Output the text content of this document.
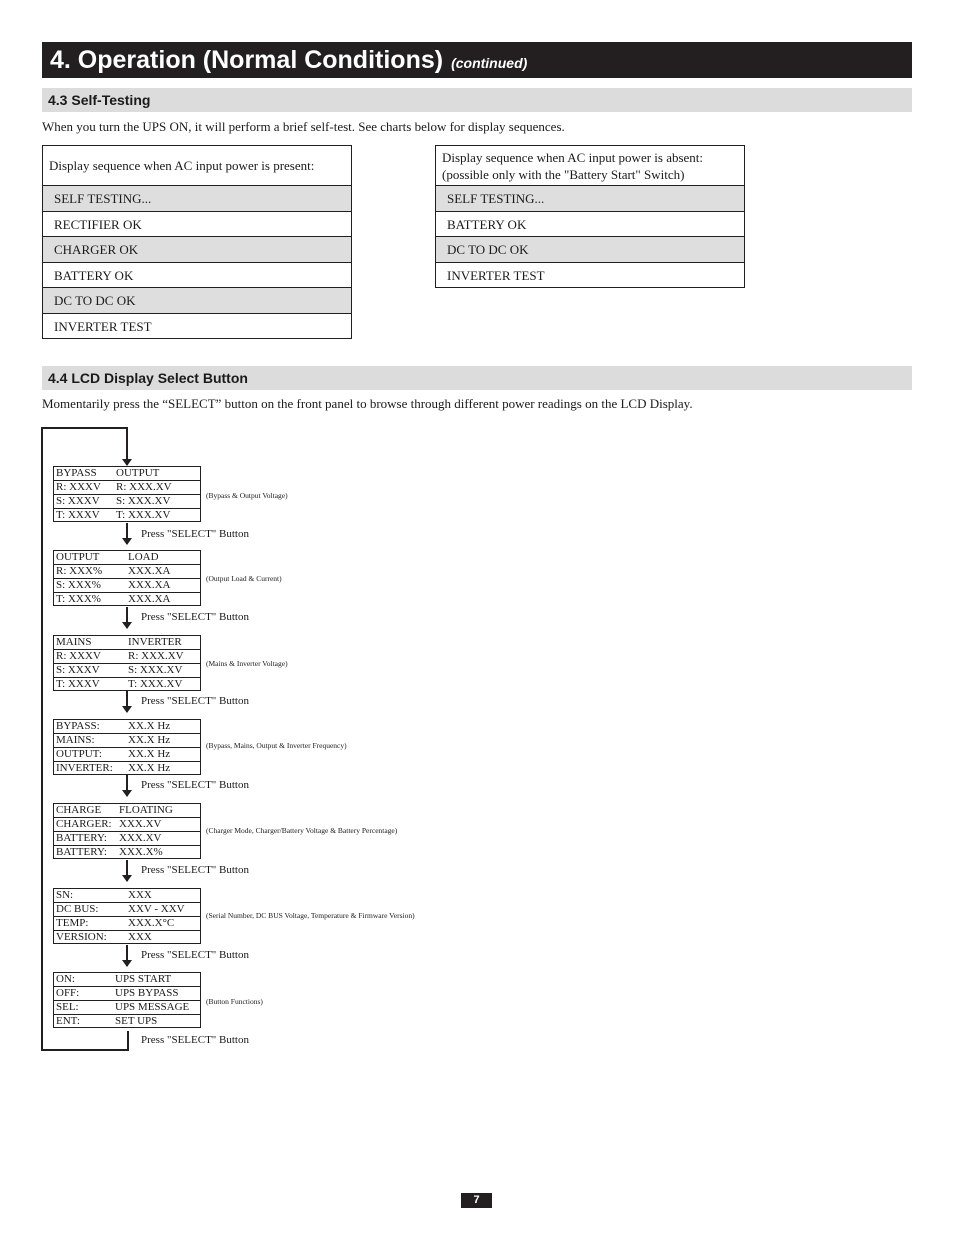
4. Operation (Normal Conditions) (continued)
4.3 Self-Testing
When you turn the UPS ON, it will perform a brief self-test. See charts below for display sequences.
Display sequence when AC input power is present:
SELF TESTING...
RECTIFIER OK
CHARGER OK
BATTERY OK
DC TO DC OK
INVERTER TEST
Display sequence when AC input power is absent:
(possible only with the "Battery Start" Switch)
SELF TESTING...
BATTERY OK
DC TO DC OK
INVERTER TEST
4.4 LCD Display Select Button
Momentarily press the “SELECT” button on the front panel to browse through different power readings on the LCD Display.
BYPASS OUTPUT
R: XXXV R: XXX.XV
S: XXXV S: XXX.XV
T: XXXV T: XXX.XV
(Bypass & Output Voltage)
Press "SELECT" Button
OUTPUT	LOAD
R: XXX% XXX.XA
S: XXX% XXX.XA
T: XXX% XXX.XA
(Output Load & Current)
Press "SELECT" Button
MAINS	INVERTER
R: XXXV R: XXX.XV
S: XXXV	S: XXX.XV
T: XXXV	T: XXX.XV
(Mains & Inverter Voltage)
Press "SELECT" Button
BYPASS:	XX.X Hz
MAINS:	XX.X Hz
OUTPUT: XX.X Hz
INVERTER: XX.X Hz
(Bypass, Mains, Output & Inverter Frequency)
Press "SELECT" Button
CHARGE FLOATING
CHARGER: XXX.XV
BATTERY: XXX.XV
BATTERY: XXX.X%
(Charger Mode, Charger/Battery Voltage & Battery Percentage)
Press "SELECT" Button
SN:	XXX
DC BUS:	XXV - XXV
TEMP:	XXX.X°C
VERSION: XXX
(Serial Number, DC BUS Voltage, Temperature & Firmware Version)
Press "SELECT" Button
ON:	UPS START
OFF:	UPS BYPASS
SEL:	UPS MESSAGE
ENT:	SET UPS
(Button Functions)
Press "SELECT" Button
7
